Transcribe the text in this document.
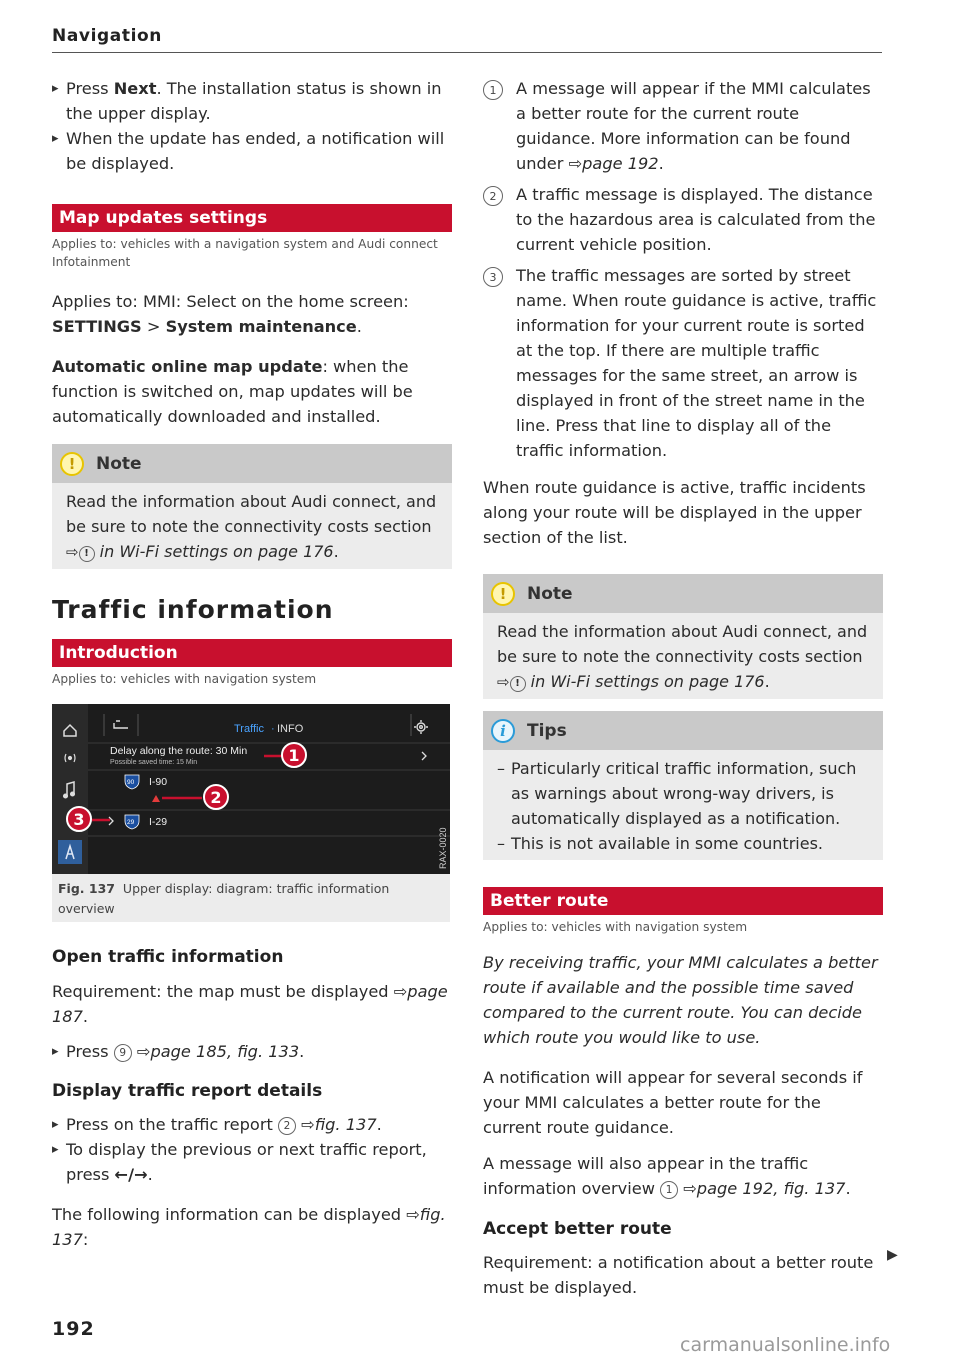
Navigation

▸ Press Next. The installation status is shown in the upper display.

▸ When the update has ended, a notification will be displayed.

Map updates settings
Applies to: vehicles with a navigation system and Audi connect Infotainment

Applies to: MMI: Select on the home screen: SETTINGS > System maintenance.

Automatic online map update: when the function is switched on, map updates will be automatically downloaded and installed.

!	Note

Read the information about Audi connect, and be sure to note the connectivity costs section ⇨ ! in Wi-Fi settings on page 176.

Traffic information
Introduction
Applies to: vehicles with navigation system
Traffic · INFO
Delay along the route: 30 Min
Possible saved time: 15 Min
90 I-90
29 I-29
RAX-0020
1
2
3
Fig. 137 Upper display: diagram: traffic information overview
Open traffic information

Requirement: the map must be displayed ⇨page 187.

▸ Press 9 ⇨page 185, fig. 133.

Display traffic report details

▸ Press on the traffic report 2 ⇨fig. 137.

▸ To display the previous or next traffic report, press ←/→.

The following information can be displayed ⇨fig. 137:

1	A message will appear if the MMI calculates a better route for the current route guidance. More information can be found under ⇨page 192.

2	A traffic message is displayed. The distance to the hazardous area is calculated from the current vehicle position.

3	The traffic messages are sorted by street name. When route guidance is active, traffic information for your current route is sorted at the top. If there are multiple traffic messages for the same street, an arrow is displayed in front of the street name in the line. Press that line to display all of the traffic information.

When route guidance is active, traffic incidents along your route will be displayed in the upper section of the list.

!	Note

Read the information about Audi connect, and be sure to note the connectivity costs section ⇨ ! in Wi-Fi settings on page 176.

i	Tips

– Particularly critical traffic information, such as warnings about wrong-way drivers, is automatically displayed as a notification.

– This is not available in some countries.

Better route
Applies to: vehicles with navigation system

By receiving traffic, your MMI calculates a better route if available and the possible time saved compared to the current route. You can decide which route you would like to use.

A notification will appear for several seconds if your MMI calculates a better route for the current route guidance.

A message will also appear in the traffic information overview 1 ⇨page 192, fig. 137.

Accept better route

Requirement: a notification about a better route must be displayed.

▶
192
carmanualsonline.info
